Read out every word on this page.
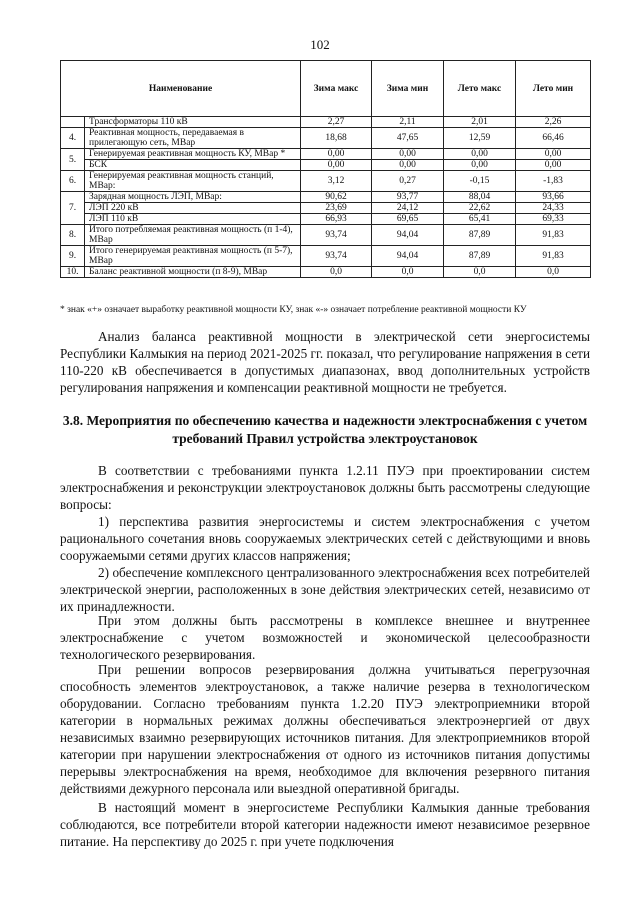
102
Наименование		Зима макс	Зима мин	Лето макс	Лето мин
	Трансформаторы 110 кВ	2,27	2,11	2,01	2,26
4.	Реактивная мощность, передаваемая в прилегающую сеть, МВар	18,68	47,65	12,59	66,46
5.	Генерируемая реактивная мощность КУ, МВар *	0,00	0,00	0,00	0,00
	БСК	0,00	0,00	0,00	0,00
6.	Генерируемая реактивная мощность станций, МВар:	3,12	0,27	-0,15	-1,83
7.	Зарядная мощность ЛЭП, МВар:	90,62	93,77	88,04	93,66
	ЛЭП 220 кВ	23,69	24,12	22,62	24,33
	ЛЭП 110 кВ	66,93	69,65	65,41	69,33
8.	Итого потребляемая реактивная мощность (п 1-4), МВар	93,74	94,04	87,89	91,83
9.	Итого генерируемая реактивная мощность (п 5-7), МВар	93,74	94,04	87,89	91,83
10.	Баланс реактивной мощности (п 8-9), МВар	0,0	0,0	0,0	0,0
* знак «+» означает выработку реактивной мощности КУ, знак «-» означает потребление реактивной мощности КУ
Анализ баланса реактивной мощности в электрической сети энергосистемы Республики Калмыкия на период 2021-2025 гг. показал, что регулирование напряжения в сети 110-220 кВ обеспечивается в допустимых диапазонах, ввод дополнительных устройств регулирования напряжения и компенсации реактивной мощности не требуется.
3.8. Мероприятия по обеспечению качества и надежности электроснабжения с учетом требований Правил устройства электроустановок
В соответствии с требованиями пункта 1.2.11 ПУЭ при проектировании систем электроснабжения и реконструкции электроустановок должны быть рассмотрены следующие вопросы:
1) перспектива развития энергосистемы и систем электроснабжения с учетом рационального сочетания вновь сооружаемых электрических сетей с действующими и вновь сооружаемыми сетями других классов напряжения;
2) обеспечение комплексного централизованного электроснабжения всех потребителей электрической энергии, расположенных в зоне действия электрических сетей, независимо от их принадлежности.
При этом должны быть рассмотрены в комплексе внешнее и внутреннее электроснабжение с учетом возможностей и экономической целесообразности технологического резервирования.
При решении вопросов резервирования должна учитываться перегрузочная способность элементов электроустановок, а также наличие резерва в технологическом оборудовании. Согласно требованиям пункта 1.2.20 ПУЭ электроприемники второй категории в нормальных режимах должны обеспечиваться электроэнергией от двух независимых взаимно резервирующих источников питания. Для электроприемников второй категории при нарушении электроснабжения от одного из источников питания допустимы перерывы электроснабжения на время, необходимое для включения резервного питания действиями дежурного персонала или выездной оперативной бригады.
В настоящий момент в энергосистеме Республики Калмыкия данные требования соблюдаются, все потребители второй категории надежности имеют независимое резервное питание. На перспективу до 2025 г. при учете подключения
